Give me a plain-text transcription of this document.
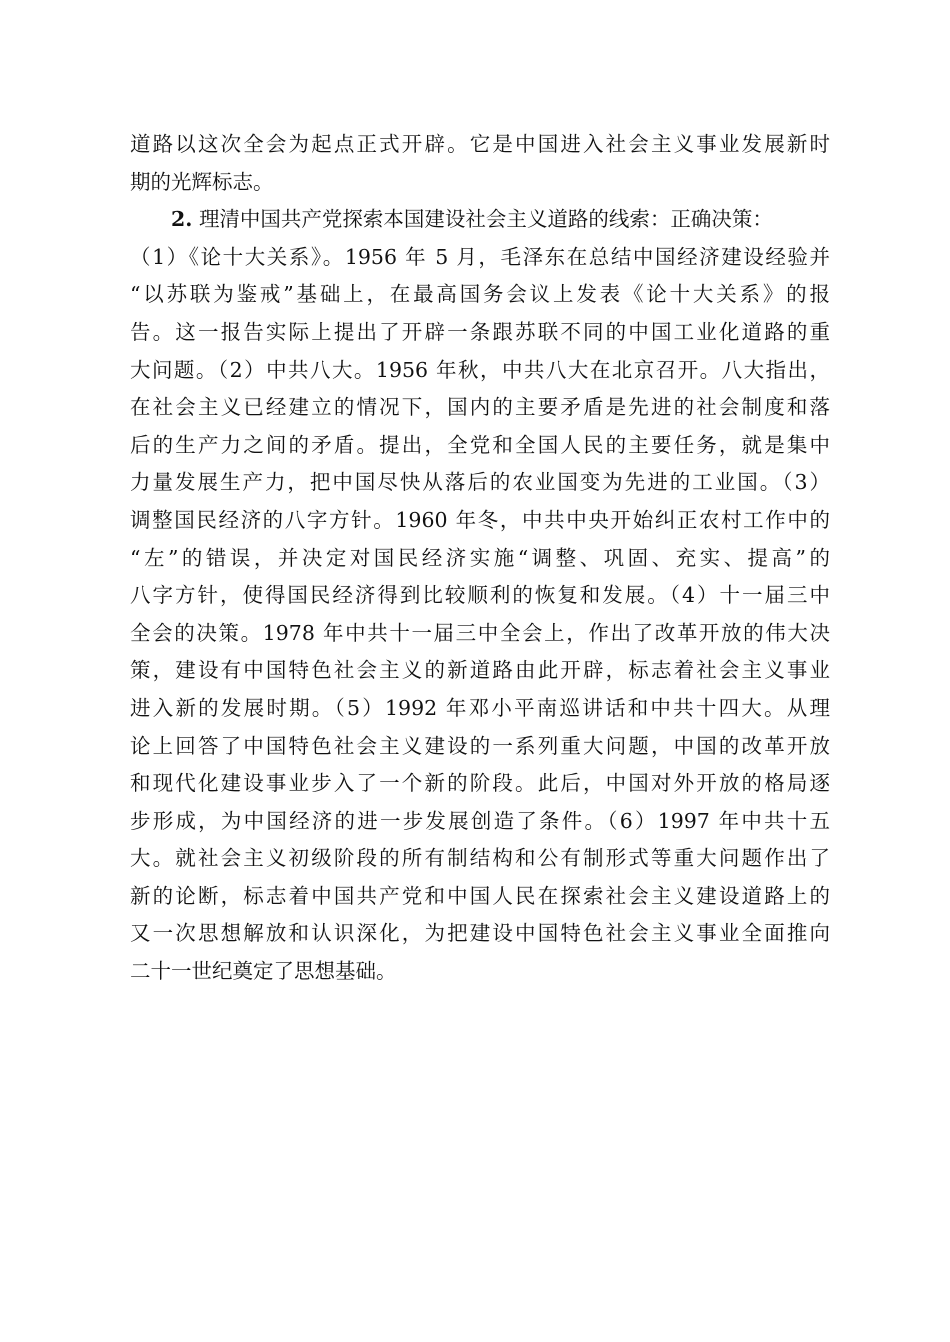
道路以这次全会为起点正式开辟。它是中国进入社会主义事业发展新时
期的光辉标志。
2. 理清中国共产党探索本国建设社会主义道路的线索：正确决策：
（1）《论十大关系》。1956 年 5 月，毛泽东在总结中国经济建设经验并
“以苏联为鉴戒”基础上，在最高国务会议上发表《论十大关系》的报
告。这一报告实际上提出了开辟一条跟苏联不同的中国工业化道路的重
大问题。（2）中共八大。1956 年秋，中共八大在北京召开。八大指出，
在社会主义已经建立的情况下，国内的主要矛盾是先进的社会制度和落
后的生产力之间的矛盾。提出，全党和全国人民的主要任务，就是集中
力量发展生产力，把中国尽快从落后的农业国变为先进的工业国。（3）
调整国民经济的八字方针。1960 年冬，中共中央开始纠正农村工作中的
“左”的错误，并决定对国民经济实施“调整、巩固、充实、提高”的
八字方针，使得国民经济得到比较顺利的恢复和发展。（4）十一届三中
全会的决策。1978 年中共十一届三中全会上，作出了改革开放的伟大决
策，建设有中国特色社会主义的新道路由此开辟，标志着社会主义事业
进入新的发展时期。（5）1992 年邓小平南巡讲话和中共十四大。从理
论上回答了中国特色社会主义建设的一系列重大问题，中国的改革开放
和现代化建设事业步入了一个新的阶段。此后，中国对外开放的格局逐
步形成，为中国经济的进一步发展创造了条件。（6）1997 年中共十五
大。就社会主义初级阶段的所有制结构和公有制形式等重大问题作出了
新的论断，标志着中国共产党和中国人民在探索社会主义建设道路上的
又一次思想解放和认识深化，为把建设中国特色社会主义事业全面推向
二十一世纪奠定了思想基础。
